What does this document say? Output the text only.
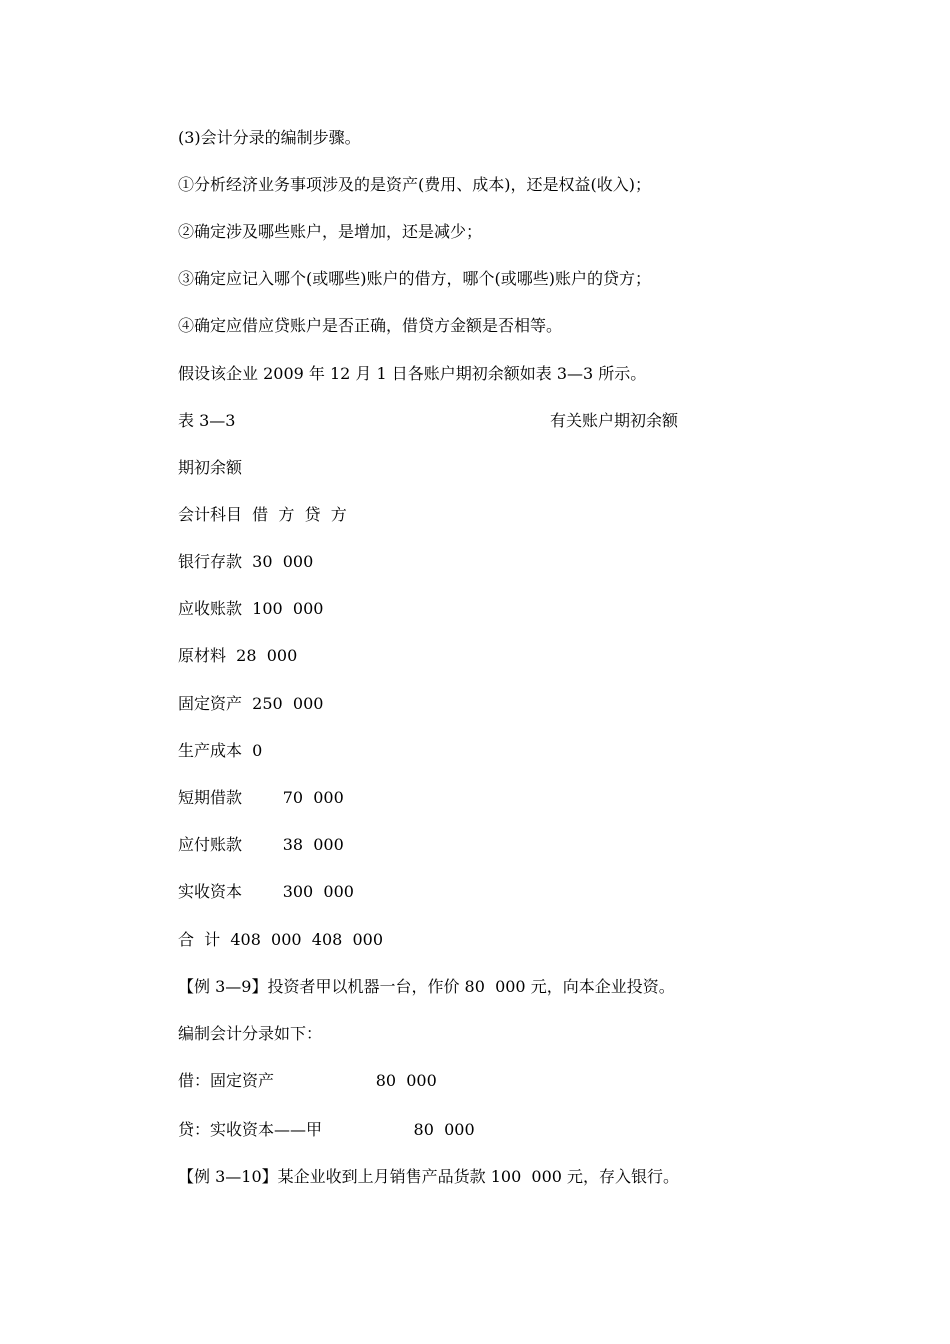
(3)会计分录的编制步骤。
①分析经济业务事项涉及的是资产(费用、成本)，还是权益(收入)；
②确定涉及哪些账户，是增加，还是减少；
③确定应记入哪个(或哪些)账户的借方，哪个(或哪些)账户的贷方；
④确定应借应贷账户是否正确，借贷方金额是否相等。
假设该企业 2009 年 12 月 1 日各账户期初余额如表 3—3 所示。
表 3—3	有关账户期初余额
期初余额
会计科目  借  方  贷  方
银行存款  30  000
应收账款  100  000
原材料  28  000
固定资产  250  000
生产成本  0
短期借款        70  000
应付账款        38  000
实收资本        300  000
合  计  408  000  408  000
【例 3—9】投资者甲以机器一台，作价 80  000 元，向本企业投资。
编制会计分录如下：
借：固定资产                    80  000
贷：实收资本——甲                  80  000
【例 3—10】某企业收到上月销售产品货款 100  000 元，存入银行。
